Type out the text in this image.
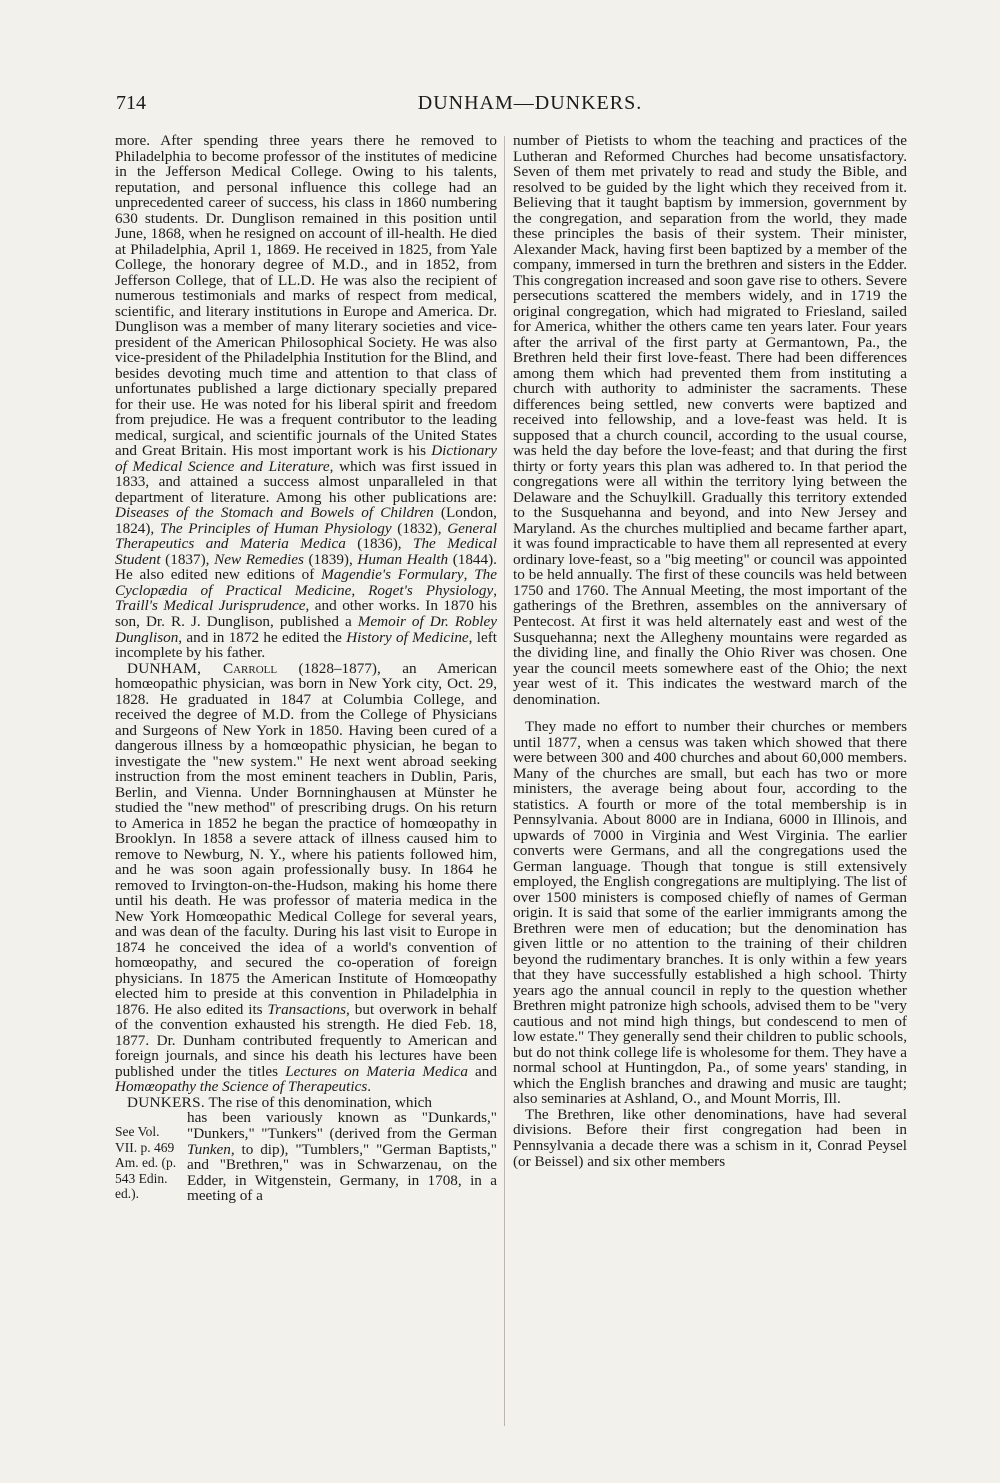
714	DUNHAM—DUNKERS.

more. After spending three years there he removed to Philadelphia to become professor of the institutes of medicine in the Jefferson Medical College. Owing to his talents, reputation, and personal influence this college had an unprecedented career of success, his class in 1860 numbering 630 students. Dr. Dunglison remained in this position until June, 1868, when he resigned on account of ill-health. He died at Philadelphia, April 1, 1869. He received in 1825, from Yale College, the honorary degree of M.D., and in 1852, from Jefferson College, that of LL.D. He was also the recipient of numerous testimonials and marks of respect from medical, scientific, and literary institutions in Europe and America. Dr. Dunglison was a member of many literary societies and vice-president of the American Philosophical Society. He was also vice-president of the Philadelphia Institution for the Blind, and besides devoting much time and attention to that class of unfortunates published a large dictionary specially prepared for their use. He was noted for his liberal spirit and freedom from prejudice. He was a frequent contributor to the leading medical, surgical, and scientific journals of the United States and Great Britain. His most important work is his Dictionary of Medical Science and Literature, which was first issued in 1833, and attained a success almost unparalleled in that department of literature. Among his other publications are: Diseases of the Stomach and Bowels of Children (London, 1824), The Principles of Human Physiology (1832), General Therapeutics and Materia Medica (1836), The Medical Student (1837), New Remedies (1839), Human Health (1844). He also edited new editions of Magendie's Formulary, The Cyclopædia of Practical Medicine, Roget's Physiology, Traill's Medical Jurisprudence, and other works. In 1870 his son, Dr. R. J. Dunglison, published a Memoir of Dr. Robley Dunglison, and in 1872 he edited the History of Medicine, left incomplete by his father.

DUNHAM, Carroll (1828–1877), an American homœopathic physician, was born in New York city, Oct. 29, 1828. He graduated in 1847 at Columbia College, and received the degree of M.D. from the College of Physicians and Surgeons of New York in 1850. Having been cured of a dangerous illness by a homœopathic physician, he began to investigate the "new system." He next went abroad seeking instruction from the most eminent teachers in Dublin, Paris, Berlin, and Vienna. Under Bornninghausen at Münster he studied the "new method" of prescribing drugs. On his return to America in 1852 he began the practice of homœopathy in Brooklyn. In 1858 a severe attack of illness caused him to remove to Newburg, N. Y., where his patients followed him, and he was soon again professionally busy. In 1864 he removed to Irvington-on-the-Hudson, making his home there until his death. He was professor of materia medica in the New York Homœopathic Medical College for several years, and was dean of the faculty. During his last visit to Europe in 1874 he conceived the idea of a world's convention of homœopathy, and secured the co-operation of foreign physicians. In 1875 the American Institute of Homœopathy elected him to preside at this convention in Philadelphia in 1876. He also edited its Transactions, but overwork in behalf of the convention exhausted his strength. He died Feb. 18, 1877. Dr. Dunham contributed frequently to American and foreign journals, and since his death his lectures have been published under the titles Lectures on Materia Medica and Homœopathy the Science of Therapeutics.

DUNKERS. The rise of this denomination, which

See Vol. VII. p. 469 Am. ed. (p. 543 Edin. ed.).

has been variously known as "Dunkards," "Dunkers," "Tunkers" (derived from the German Tunken, to dip), "Tumblers," "German Baptists," and "Brethren," was in Schwarzenau, on the Edder, in Witgenstein, Germany, in 1708, in a meeting of a

number of Pietists to whom the teaching and practices of the Lutheran and Reformed Churches had become unsatisfactory. Seven of them met privately to read and study the Bible, and resolved to be guided by the light which they received from it. Believing that it taught baptism by immersion, government by the congregation, and separation from the world, they made these principles the basis of their system. Their minister, Alexander Mack, having first been baptized by a member of the company, immersed in turn the brethren and sisters in the Edder. This congregation increased and soon gave rise to others. Severe persecutions scattered the members widely, and in 1719 the original congregation, which had migrated to Friesland, sailed for America, whither the others came ten years later. Four years after the arrival of the first party at Germantown, Pa., the Brethren held their first love-feast. There had been differences among them which had prevented them from instituting a church with authority to administer the sacraments. These differences being settled, new converts were baptized and received into fellowship, and a love-feast was held. It is supposed that a church council, according to the usual course, was held the day before the love-feast; and that during the first thirty or forty years this plan was adhered to. In that period the congregations were all within the territory lying between the Delaware and the Schuylkill. Gradually this territory extended to the Susquehanna and beyond, and into New Jersey and Maryland. As the churches multiplied and became farther apart, it was found impracticable to have them all represented at every ordinary love-feast, so a "big meeting" or council was appointed to be held annually. The first of these councils was held between 1750 and 1760. The Annual Meeting, the most important of the gatherings of the Brethren, assembles on the anniversary of Pentecost. At first it was held alternately east and west of the Susquehanna; next the Allegheny mountains were regarded as the dividing line, and finally the Ohio River was chosen. One year the council meets somewhere east of the Ohio; the next year west of it. This indicates the westward march of the denomination.

They made no effort to number their churches or members until 1877, when a census was taken which showed that there were between 300 and 400 churches and about 60,000 members. Many of the churches are small, but each has two or more ministers, the average being about four, according to the statistics. A fourth or more of the total membership is in Pennsylvania. About 8000 are in Indiana, 6000 in Illinois, and upwards of 7000 in Virginia and West Virginia. The earlier converts were Germans, and all the congregations used the German language. Though that tongue is still extensively employed, the English congregations are multiplying. The list of over 1500 ministers is composed chiefly of names of German origin. It is said that some of the earlier immigrants among the Brethren were men of education; but the denomination has given little or no attention to the training of their children beyond the rudimentary branches. It is only within a few years that they have successfully established a high school. Thirty years ago the annual council in reply to the question whether Brethren might patronize high schools, advised them to be "very cautious and not mind high things, but condescend to men of low estate." They generally send their children to public schools, but do not think college life is wholesome for them. They have a normal school at Huntingdon, Pa., of some years' standing, in which the English branches and drawing and music are taught; also seminaries at Ashland, O., and Mount Morris, Ill.

The Brethren, like other denominations, have had several divisions. Before their first congregation had been in Pennsylvania a decade there was a schism in it, Conrad Peysel (or Beissel) and six other members
